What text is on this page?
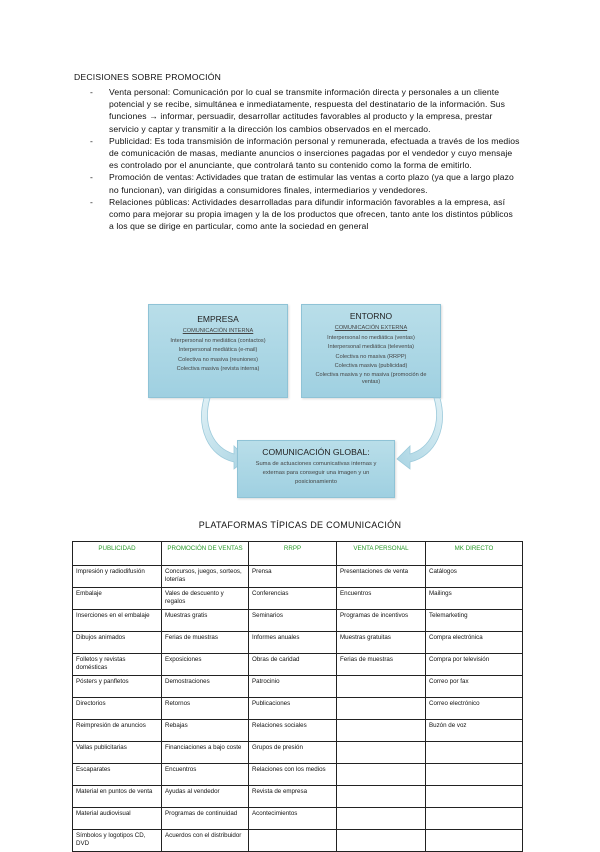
DECISIONES SOBRE PROMOCIÓN
- Venta personal: Comunicación por lo cual se transmite información directa y personales a un cliente potencial y se recibe, simultánea e inmediatamente, respuesta del destinatario de la información. Sus funciones → informar, persuadir, desarrollar actitudes favorables al producto y la empresa, prestar servicio y captar y transmitir a la dirección los cambios observados en el mercado.
- Publicidad: Es toda transmisión de información personal y remunerada, efectuada a través de los medios de comunicación de masas, mediante anuncios o inserciones pagadas por el vendedor y cuyo mensaje es controlado por el anunciante, que controlará tanto su contenido como la forma de emitirlo.
- Promoción de ventas: Actividades que tratan de estimular las ventas a corto plazo (ya que a largo plazo no funcionan), van dirigidas a consumidores finales, intermediarios y vendedores.
- Relaciones públicas: Actividades desarrolladas para difundir información favorables a la empresa, así como para mejorar su propia imagen y la de los productos que ofrecen, tanto ante los distintos públicos a los que se dirige en particular, como ante la sociedad en general
EMPRESA
COMUNICACIÓN INTERNA
Interpersonal no mediática (contactos)
Interpersonal mediática (e-mail)
Colectiva no masiva (reuniones)
Colectiva masiva (revista interna)
ENTORNO
COMUNICACIÓN EXTERNA
Interpersonal no mediática (ventas)
Interpersonal mediática (televenta)
Colectiva no masiva (RRPP)
Colectiva masiva (publicidad)
Colectiva masiva y no masiva (promoción de ventas)
COMUNICACIÓN GLOBAL:
Suma de actuaciones comunicativas internas y externas para conseguir una imagen y un posicionamiento
PLATAFORMAS TÍPICAS DE COMUNICACIÓN
PUBLICIDAD	PROMOCIÓN DE VENTAS	RRPP	VENTA PERSONAL	MK DIRECTO
Impresión y radiodifusión	Concursos, juegos, sorteos, loterías	Prensa	Presentaciones de venta	Catálogos
Embalaje	Vales de descuento y regalos	Conferencias	Encuentros	Mailings
Inserciones en el embalaje	Muestras gratis	Seminarios	Programas de incentivos	Telemarketing
Dibujos animados	Ferias de muestras	Informes anuales	Muestras gratuitas	Compra electrónica
Folletos y revistas domésticas	Exposiciones	Obras de caridad	Ferias de muestras	Compra por televisión
Pósters y panfletos	Demostraciones	Patrocinio		Correo por fax
Directorios	Retornos	Publicaciones		Correo electrónico
Reimpresión de anuncios	Rebajas	Relaciones sociales		Buzón de voz
Vallas publicitarias	Financiaciones a bajo coste	Grupos de presión		
Escaparates	Encuentros	Relaciones con los medios		
Material en puntos de venta	Ayudas al vendedor	Revista de empresa		
Material audiovisual	Programas de continuidad	Acontecimientos		
Símbolos y logotipos CD, DVD	Acuerdos con el distribuidor			
